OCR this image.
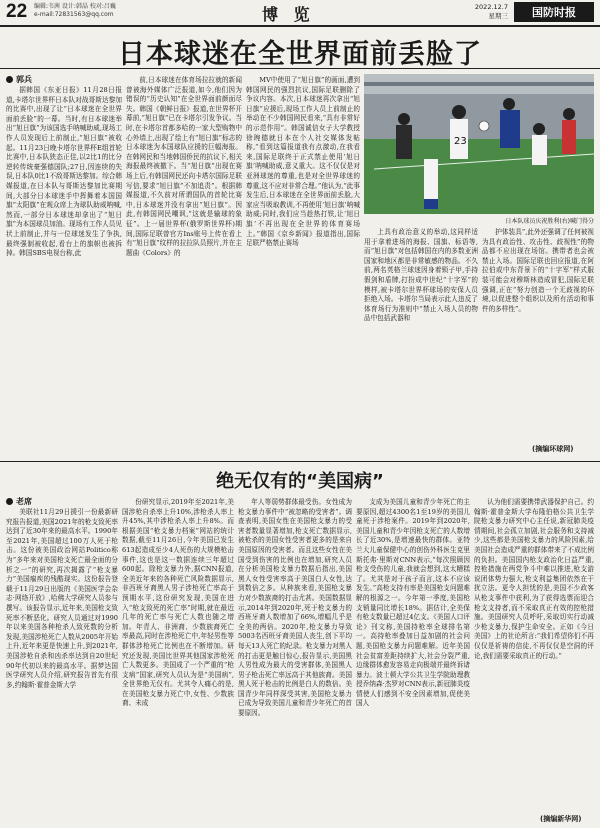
22 编辑:韦茜 设计:韩晶 校对:吕巍
e-mail:72831563@qq.com	博 览	2022.12.7
星期三	国防时报
日本球迷在全世界面前丢脸了
郭兵
据韩国《东亚日报》11月28日报道,卡塔尔世界杯日本队对战哥斯达黎加的比赛中,出现了让“日本球迷在全世界面前丢脸”的一幕。当时,有日本球迷举出“旭日旗”为该国选手呐喊助威,现场工作人员发现后上前制止,“旭日旗”被收起。11月23日晚卡塔尔世界杯E组首轮比赛中,日本队狭态正佳,以2比1的比分逆转传统豪强德国队;27日,因连续的失误,日本队0比1不敌哥斯达黎加。综合韩媒报道,在日本队与哥斯达黎加比赛期间,大部分日本球迷手中挥舞着本国国旗“太阳旗”在观众席上为球队助威呐喊,然而,一部分日本球迷却拿出了“旭日旗”为本国球员加油。现场有工作人员见状上前制止,并与一位球迷发生了争执,最终强制被收起,看台上的旗帜也被拆掉。韩国SBS电视台称,此
前,日本球迷在体育场拉拉就的新闻曾被海外媒体广泛报道,如今,他们因为错误的“历史认知”在全世界面前颜面尽失。韩国《朝鲜日报》报道,在世界杯开幕前,“旭日旗”已在卡塔尔引发争议。当时,在卡塔尔首都多哈的一家大型购物中心外墙上,出现了绘上有“旭日旗”标志的日本球迷为本国球队应援的巨幅海报。在韩网民和当地韩国侨民的抗议下,相关海报最终被撤下。当“旭日旗”出现在赛场上后,有韩国网民还向卡塔尔国际足联写信,要求“旭日旗”不加追责”。根据韩媒报道,不久前对所谓国队的首轮比赛中,日本球迷并没有拿出“旭日旗”。因此,有韩国网民嘲讽,“这就是输球的象征”。上一届世界杯(俄罗斯世界杯)期间,国际足联曾官方Ins账号上传在看上有“旭日旗”纹样的拉拉队员照片,并在主题曲《Colors》的
MV中使用了“旭日旗”的画面,遭到韩国网民的强烈抗议,国际足联删除了争议内容。本次,日本球迷再次拿出“旭日旗”应援后,现场工作人员上前制止的举动在不少韩国网民看来,“具有非常好的示范作用”。韩国诚信女子大学教授徐琬德就日本在个人社交媒体发帖称,“看到这篇报道我有点激动,在我看来,国际足联终于正式禁止使用‘旭日旗’呐喊助威,意义重大。这不仅仅是对亚洲球迷的尊重,也是对全世界球迷的尊重,这不应对非常合理。”他认为,“此事发生后,日本球迷在全世界面前丢脸,大家应当吸取教训,不再使用‘旭日旗’呐喊助威;同时,我们应当趁热打铁,让‘旭日旗’不再出现在全世界的体育赛场上。”韩国《京乡新闻》报道指出,国际足联严格禁止赛场
23
日本队球员庆祝胜利(右)喊门得分
上具有政治意义的举动,这同样适用于拿着进场的海报、国旗、标语等,而“旭日旗”对包括韩国在内的多数亚洲国家和地区都是非常敏感的物品。不久前,两名英格兰球迷因身着锁子甲,手持假剑和盾牌,打扮成中世纪“十字军”的模样,被卡塔尔世界杯球场的安保人员拒绝入场。卡塔尔当局表示此人违反了体育场行为准则中“禁止入场人员的物品中包括武器和
护体装具”,此外还强调了任何被视为具有政治性、攻击性、歧视性”的物品都不应出现在场馆。携带者也会被禁止入场。国际足联也回应报道,在阿拉伯或中东背景下的“十字军”样式服装可能会对穆斯林造成冒犯,国际足联强调,正在“努力创造一个无歧视的环境,以促进整个组织以及所有活动和事件的多样性”。
(摘编环球网)
绝无仅有的“美国病”
老席
美联社11月29日援引一份最新研究报告报道,美国2021年的枪支致死率达到了近30年来的最高水平。1990年至2021年,美国超过100万人死于枪击。这份被美国政治网站Politico称为“多年来对美国枪支死亡最全面的分析之一”的研究,再次揭露了“枪支暴力”美国痼疾的残酷现实。这份报告登载于11月29日出版的《美国医学会杂志·网络开放》,哈佛大学研究人员参与撰写。该报告显示,近年来,美国枪支致死率不断恶化。研究人员通过对1990年以来美国各种枪杀人致死数的分析发现,美国涉枪死亡人数从2005年开始上升,近年来更是快速上升,到2021年,美国涉枪自杀和凶杀率达到自20世纪90年代初以来的最高水平。据梦达国医学研究人员介绍,研究报告首先有很多,约翰斯·霍普金斯大学
份研究显示,2019年至2021年,美国涉枪自杀率上升10%,涉枪杀人率上升45%,其中涉枪杀人率上升8%。而根据美国“枪支暴力档案”网站的统计数据,截至11月26日,今年美国已发生613起造成至少4人死伤的大规模枪击事件,这也是这一数据连续三年超过600起。除枪支暴力外,据CNN报道,全美近年来的各种死亡风险数据显示,非西班牙裔黑人男子涉枪死亡率高于预期水平,这份研究发现,美国在进入“枪支致死的死亡率”时期,就在最近几年的死亡率与死亡人数也随之增加。年青人、非洲裔、少数族裔死亡率最高,同时在涉枪死亡中,年轻男性等群体涉枪死亡比例也在不断增加。研究还发现,美国比世界其他国家涉枪死亡人数更多。美国成了一个严重的“枪支病”国家,研究人员认为是“美国病”,全世界绝无仅有。尤其令人痛心的是,在美国枪支暴力死亡中,女性、少数族裔、未成
年人等弱势群体最受伤。女性成为枪支暴力事件中“被忽略的受害者”。调查表明,美国女性在美国枪支暴力的受害者数量显著增加,枪支死亡数据显示,被枪杀的美国女性受害者更多的是来自美国原因的受害者。而且这些女性在美国受到伤害的比例也在增加,研究人员在分析美国枪支暴力数据后指出,美国黑人女性受害率高于美国白人女性,达到数倍之多。从种族来看,美国枪支暴力对少数族裔的打击尤甚。美国数据显示,2014年到2020年,死于枪支暴力的西班牙裔人数增加了66%,增幅几乎是全美的两倍。2020年,枪支暴力导致5003名西班牙裔美国人丧生,创下平均每天13人死亡的纪录。枪支暴力对黑人的打击更是触目惊心,报告显示,美国黑人男性成为最大的受害群体,美国黑人男子枪击死亡率远高于其他族裔。美国黑人死于枪击的比例是白人的数倍。美国青少年同样深受其害,美国枪支暴力已成为导致美国儿童和青少年死亡的首要原因。
支成为美国儿童和青少年死亡的主要原因,超过4300名1至19岁的美国儿童死于涉枪案件。2019年到2020年,美国儿童和青少年因枪支死亡的人数增长了近30%,是增速最快的群体。亚特兰大儿童保健中心的创伤外科医生克里斯托弗·里斯对CNN表示,“每次照顾因枪支受伤的儿童,我就会想到,这太糟糕了。尤其是对于孩子而言,这本不应该发生。”高枪支持有率是美国枪支问题难解的根源之一。今年第一季度,美国枪支销量同比增长18%。据估计,全美保有枪支数量已超过4亿支。《美国人口评论》刊文称,美国持枪率全球排名第一。高持枪率叠加日益加剧的社会问题,美国枪支暴力问题难解。近年美国社会贫富差距持续扩大,社会分裂严重,边缘群体愈发容易走向极端并最终诉诸暴力。波士顿大学公共卫生学院助理教授乔纳森·杰罗对CNN表示,新冠肺炎疫情使人们感到不安全因素增加,促使美国人
认为他们需要携带武器保护自己。约翰斯·霍普金斯大学布隆伯格公共卫生学院枪支暴力研究中心主任说,新冠肺炎疫情期间,社会孤立加剧,社会服务和支持减少,这些都是美国枪支暴力的风险因素,给美国社会造成严重的群体带来了不成比例的负担。美国国内枪支政治化日益严重,控枪措施在两党争斗中难以推进,枪支游说团体势力强大,枪支利益集团依然在干扰立法。更令人担忧的是,美国不少政客从枪支事件中获利,为了获得选票而迎合枪支支持者,而不采取真正有效的控枪措施。美国研究人员呼吁,采取切实行动减少枪支暴力,保护生命安全。正如《今日美国》上的社论所言:“我们希望你们不再仅仅是祈祷的信徒,不再仅仅是空洞的评论,我们需要采取真正的行动。”
(摘编新华网)
